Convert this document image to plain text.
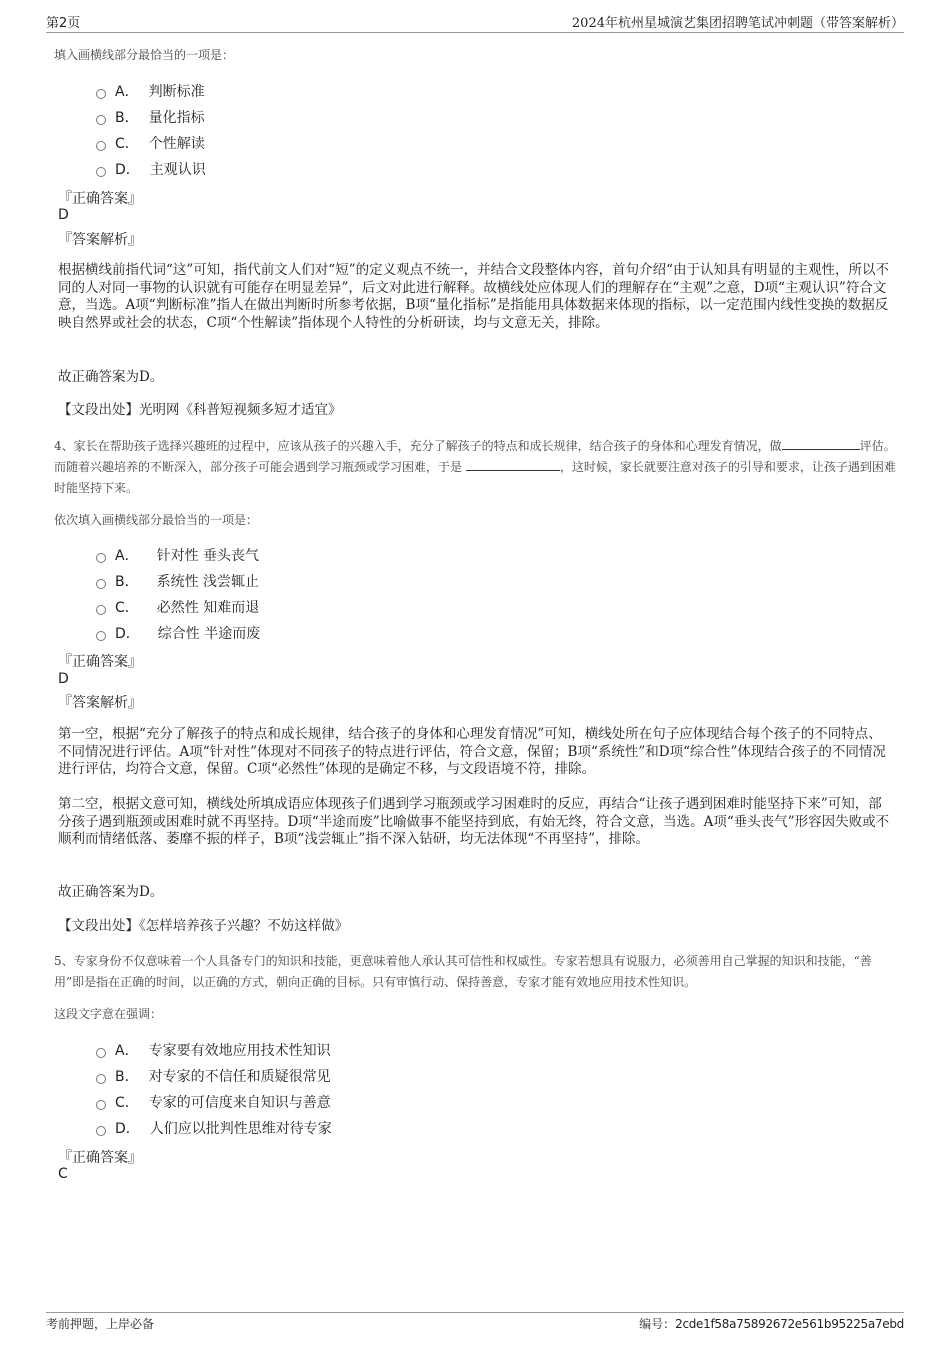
第2页	2024年杭州星城演艺集团招聘笔试冲刺题（带答案解析）
填入画横线部分最恰当的一项是：
A． 判断标准
B． 量化指标
C． 个性解读
D． 主观认识
『正确答案』
D
『答案解析』
根据横线前指代词“这”可知，指代前文人们对“短”的定义观点不统一，并结合文段整体内容，首句介绍“由于认知具有明显的主观性，所以不同的人对同一事物的认识就有可能存在明显差异”，后文对此进行解释。故横线处应体现人们的理解存在“主观”之意，D项“主观认识”符合文意，当选。A项“判断标准”指人在做出判断时所参考依据，B项“量化指标”是指能用具体数据来体现的指标，以一定范围内线性变换的数据反映自然界或社会的状态，C项“个性解读”指体现个人特性的分析研读，均与文意无关，排除。
故正确答案为D。
【文段出处】光明网《科普短视频多短才适宜》
4、家长在帮助孩子选择兴趣班的过程中，应该从孩子的兴趣入手，充分了解孩子的特点和成长规律，结合孩子的身体和心理发育情况，做	评估。而随着兴趣培养的不断深入，部分孩子可能会遇到学习瓶颈或学习困难，于是	，这时候，家长就要注意对孩子的引导和要求，让孩子遇到困难时能坚持下来。
依次填入画横线部分最恰当的一项是：
A． 针对性 垂头丧气
B． 系统性 浅尝辄止
C． 必然性 知难而退
D． 综合性 半途而废
『正确答案』
D
『答案解析』
第一空，根据“充分了解孩子的特点和成长规律，结合孩子的身体和心理发育情况”可知，横线处所在句子应体现结合每个孩子的不同特点、不同情况进行评估。A项“针对性”体现对不同孩子的特点进行评估，符合文意，保留；B项“系统性”和D项“综合性”体现结合孩子的不同情况进行评估，均符合文意，保留。C项“必然性”体现的是确定不移，与文段语境不符，排除。
第二空，根据文意可知，横线处所填成语应体现孩子们遇到学习瓶颈或学习困难时的反应，再结合“让孩子遇到困难时能坚持下来”可知，部分孩子遇到瓶颈或困难时就不再坚持。D项“半途而废”比喻做事不能坚持到底，有始无终，符合文意，当选。A项“垂头丧气”形容因失败或不顺利而情绪低落、萎靡不振的样子，B项“浅尝辄止”指不深入钻研，均无法体现“不再坚持”，排除。
故正确答案为D。
【文段出处】《怎样培养孩子兴趣？不妨这样做》
5、专家身份不仅意味着一个人具备专门的知识和技能，更意味着他人承认其可信性和权威性。专家若想具有说服力，必须善用自己掌握的知识和技能，“善用”即是指在正确的时间，以正确的方式，朝向正确的目标。只有审慎行动、保持善意，专家才能有效地应用技术性知识。
这段文字意在强调：
A． 专家要有效地应用技术性知识
B． 对专家的不信任和质疑很常见
C． 专家的可信度来自知识与善意
D． 人们应以批判性思维对待专家
『正确答案』
C
考前押题，上岸必备	编号：2cde1f58a75892672e561b95225a7ebd
